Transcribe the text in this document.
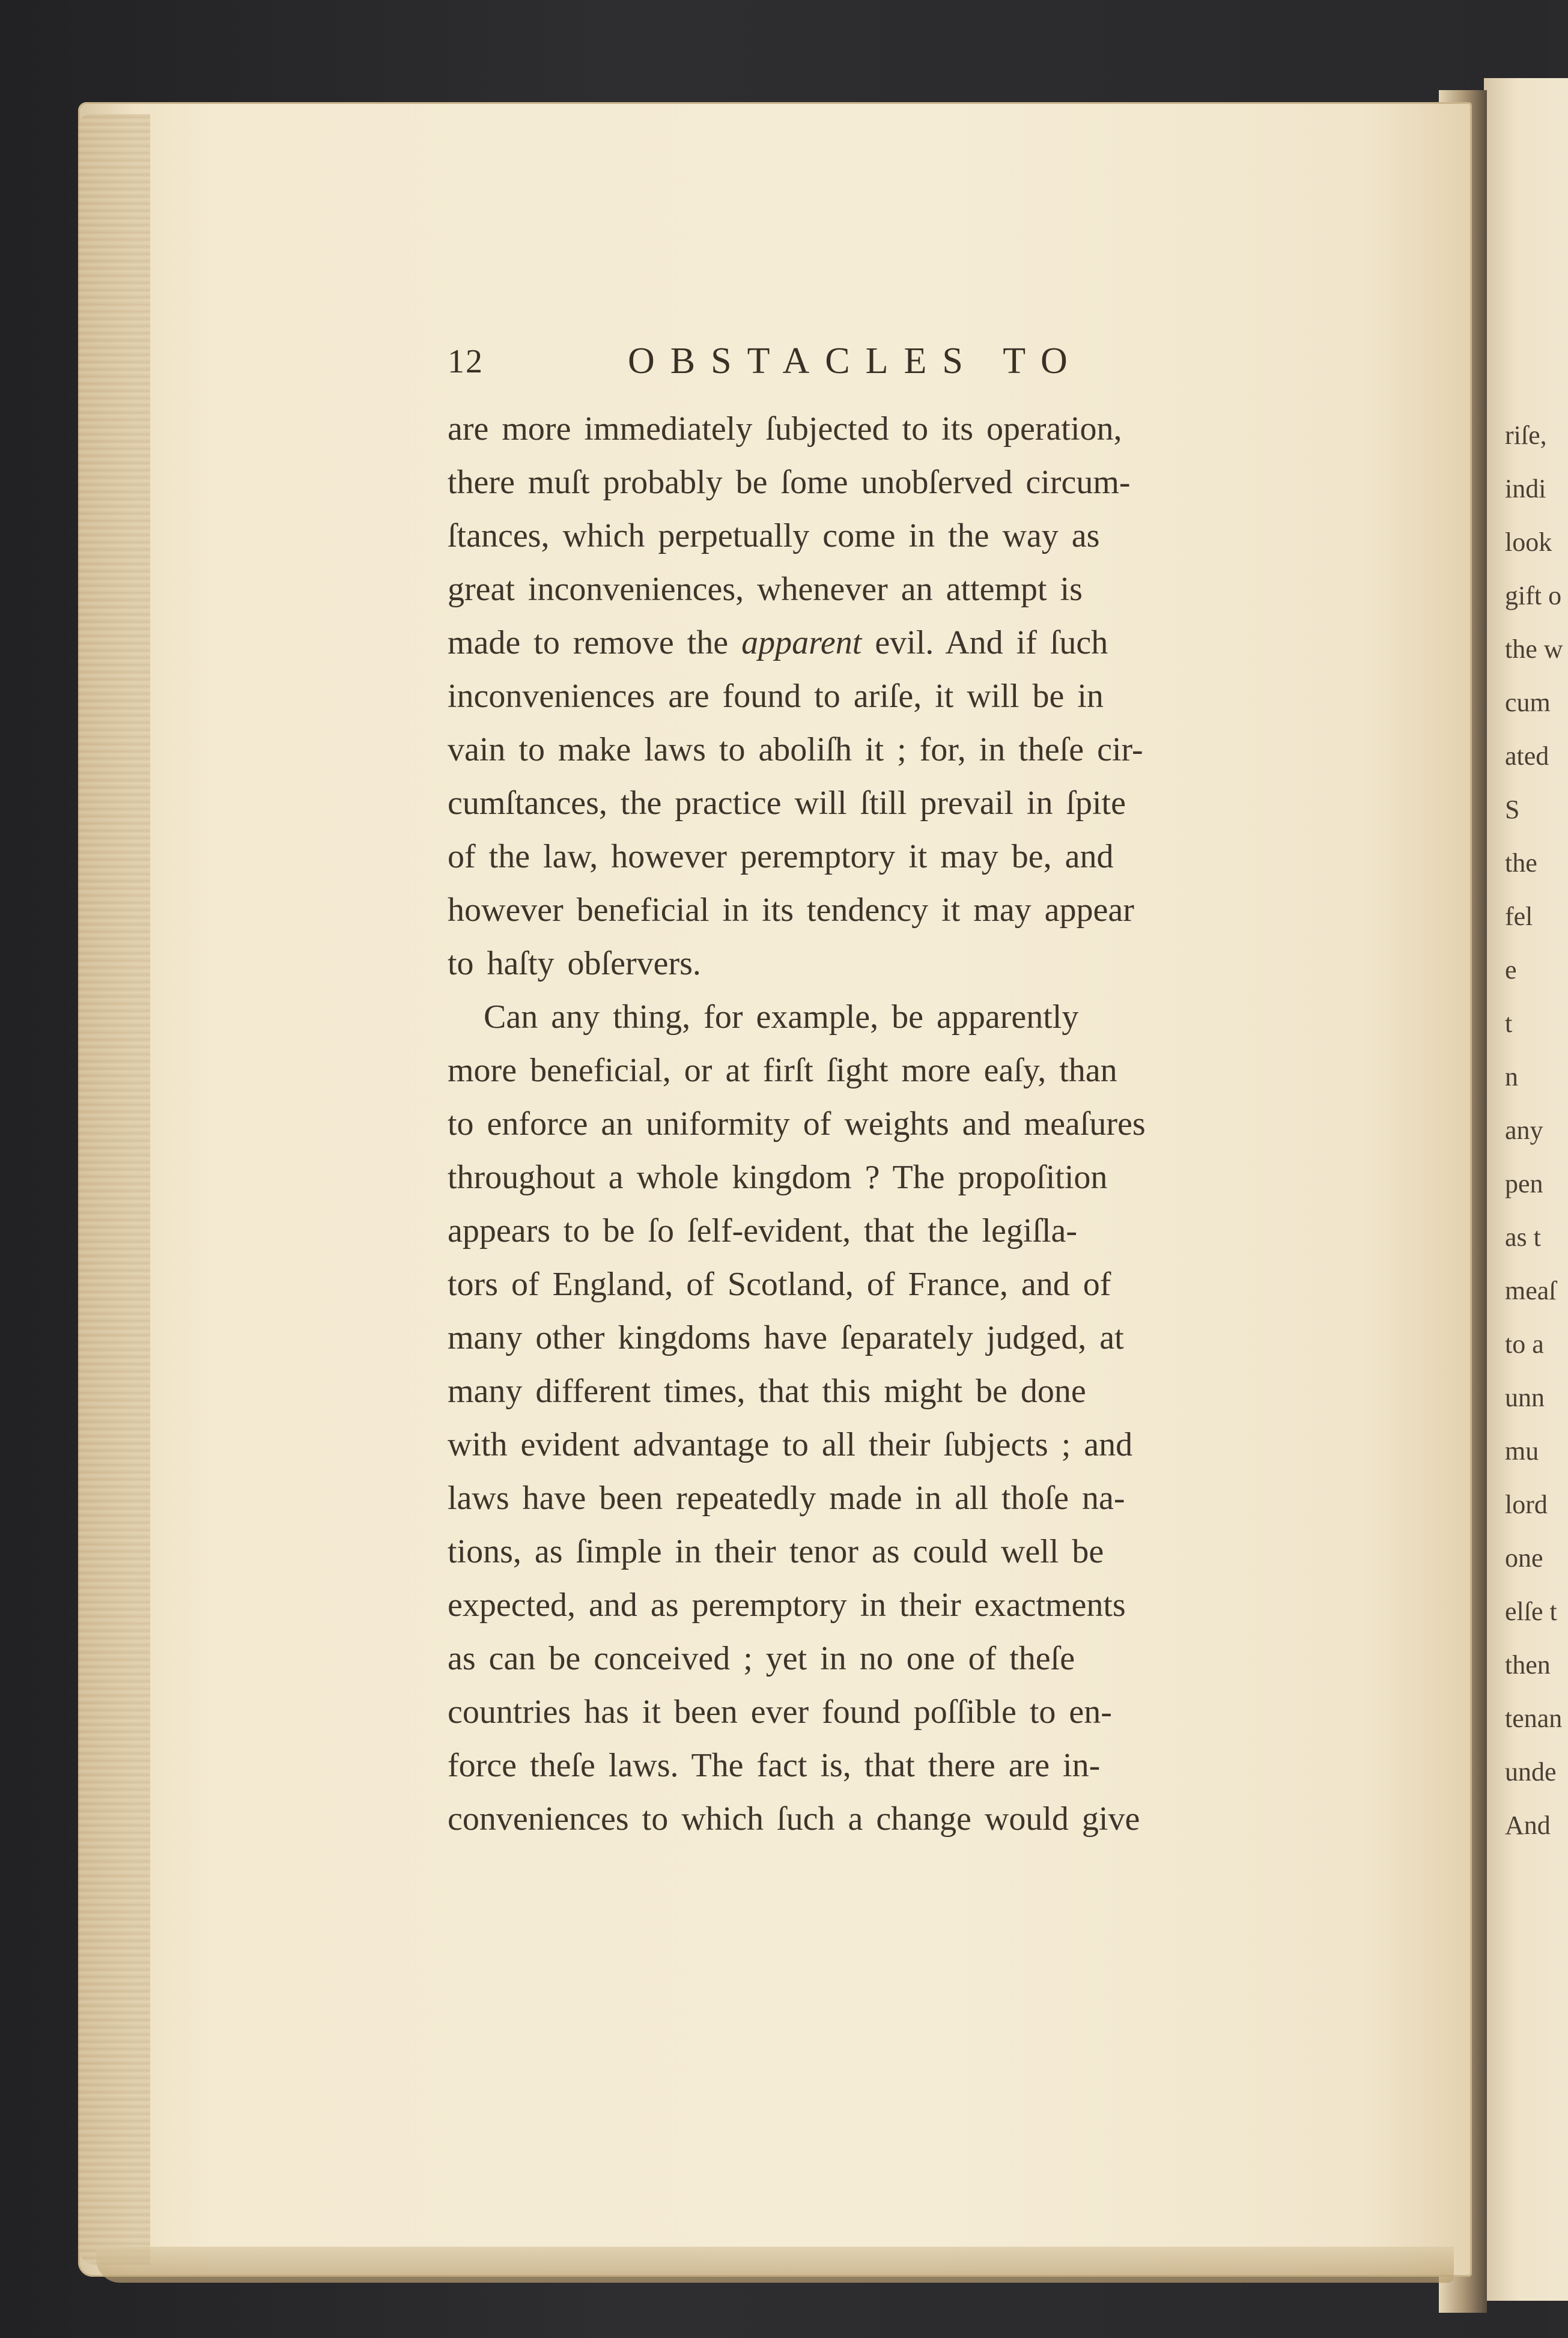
riſe,
indi
look
gift o
the w
cum
ated
S
the
fel
e
t
n
any
pen
as t
meaſ
to a
unn
mu
lord
one
elſe t
then
tenan
unde
And
12	OBSTACLES TO
are more immediately ſubjected to its operation,
there muſt probably be ſome unobſerved circum-
ſtances, which perpetually come in the way as
great inconveniences, whenever an attempt is
made to remove the apparent evil. And if ſuch
inconveniences are found to ariſe, it will be in
vain to make laws to aboliſh it ; for, in theſe cir-
cumſtances, the practice will ſtill prevail in ſpite
of the law, however peremptory it may be, and
however beneficial in its tendency it may appear
to haſty obſervers.
Can any thing, for example, be apparently
more beneficial, or at firſt ſight more eaſy, than
to enforce an uniformity of weights and meaſures
throughout a whole kingdom ? The propoſition
appears to be ſo ſelf-evident, that the legiſla-
tors of England, of Scotland, of France, and of
many other kingdoms have ſeparately judged, at
many different times, that this might be done
with evident advantage to all their ſubjects ; and
laws have been repeatedly made in all thoſe na-
tions, as ſimple in their tenor as could well be
expected, and as peremptory in their exactments
as can be conceived ; yet in no one of theſe
countries has it been ever found poſſible to en-
force theſe laws. The fact is, that there are in-
conveniences to which ſuch a change would give
